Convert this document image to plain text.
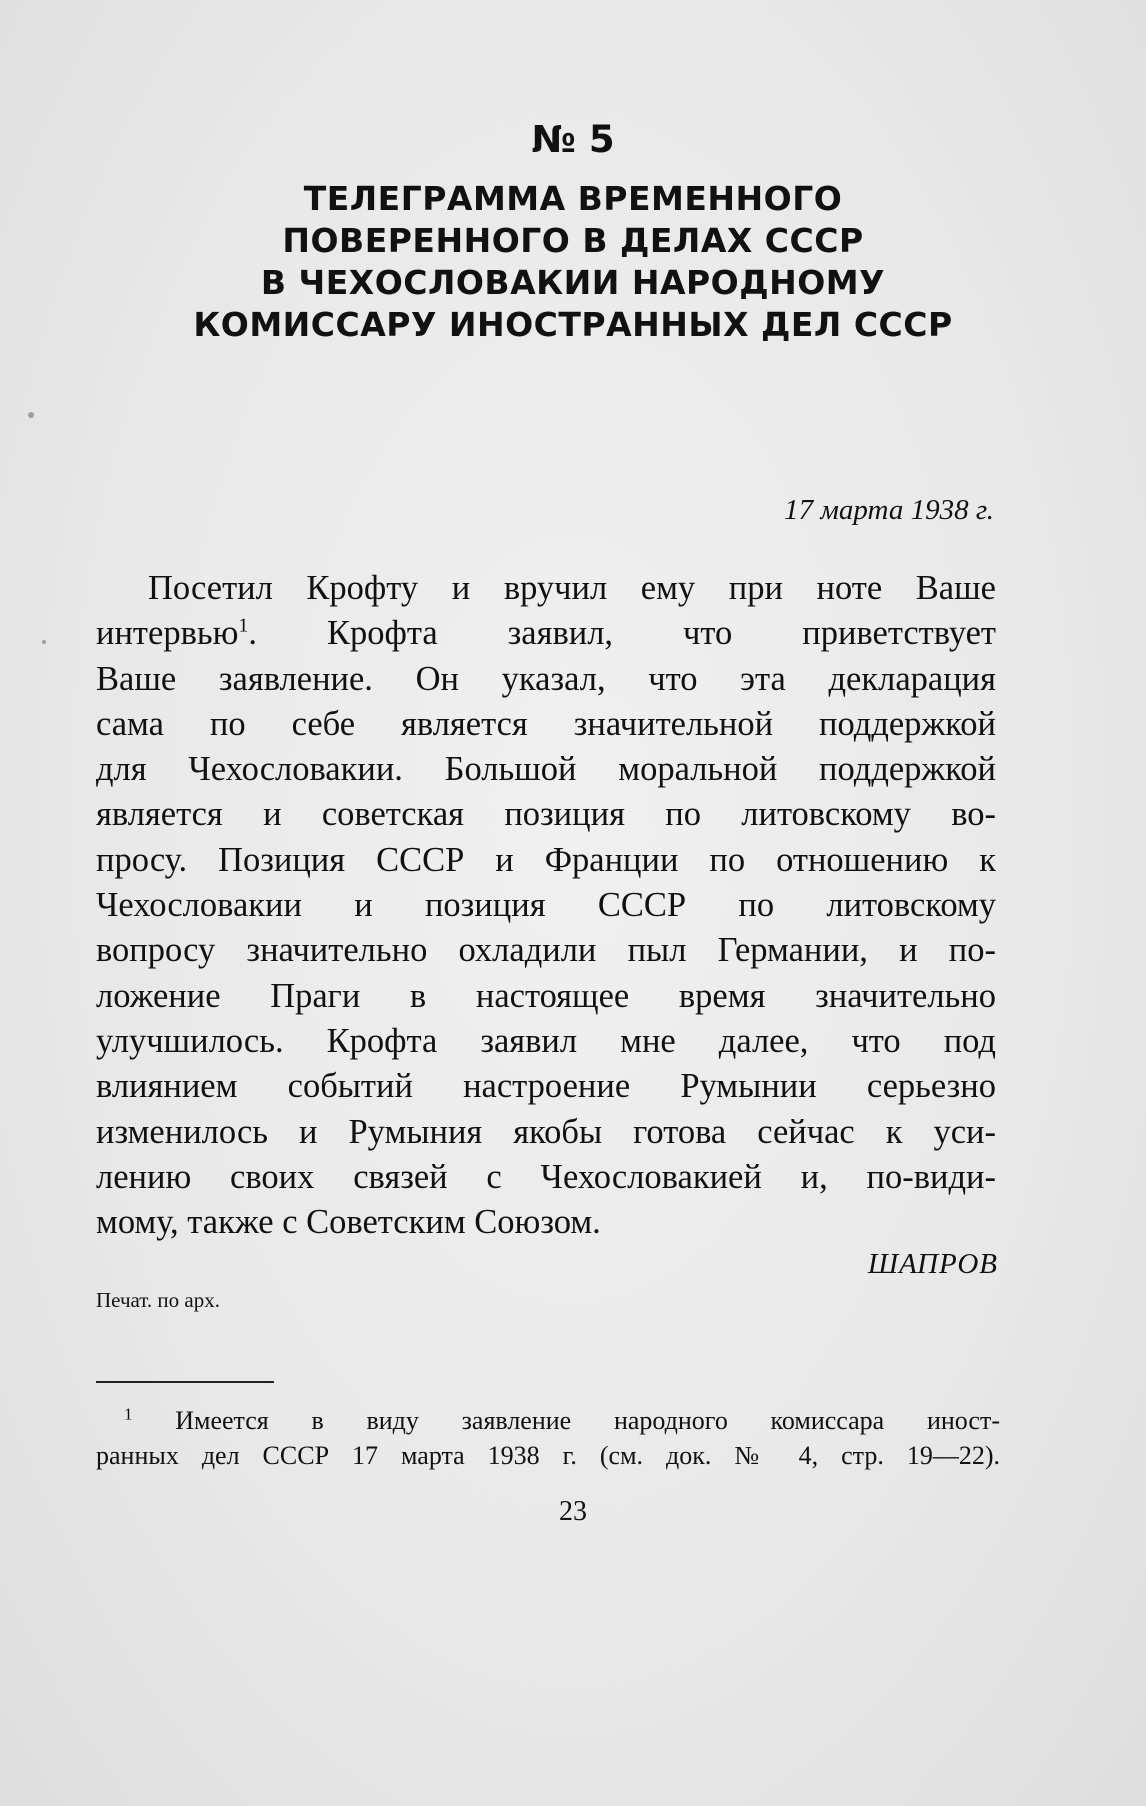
№ 5
ТЕЛЕГРАММА ВРЕМЕННОГО
ПОВЕРЕННОГО В ДЕЛАХ СССР
В ЧЕХОСЛОВАКИИ НАРОДНОМУ
КОМИССАРУ ИНОСТРАННЫХ ДЕЛ СССР
17 марта 1938 г.
Посетил Крофту и вручил ему при ноте Ваше
интервью$^1$. Крофта заявил, что приветствует
Ваше заявление. Он указал, что эта декларация
сама по себе является значительной поддержкой
для Чехословакии. Большой моральной поддержкой
является и советская позиция по литовскому во-
просу. Позиция СССР и Франции по отношению к
Чехословакии и позиция СССР по литовскому
вопросу значительно охладили пыл Германии, и по-
ложение Праги в настоящее время значительно
улучшилось. Крофта заявил мне далее, что под
влиянием событий настроение Румынии серьезно
изменилось и Румыния якобы готова сейчас к уси-
лению своих связей с Чехословакией и, по-види-
мому, также с Советским Союзом.
ШАПРОВ
Печат. по арх.
$^1$ Имеется в виду заявление народного комиссара иност-
ранных дел СССР 17 марта 1938 г. (см. док. № 4, стр. 19—22).
23
